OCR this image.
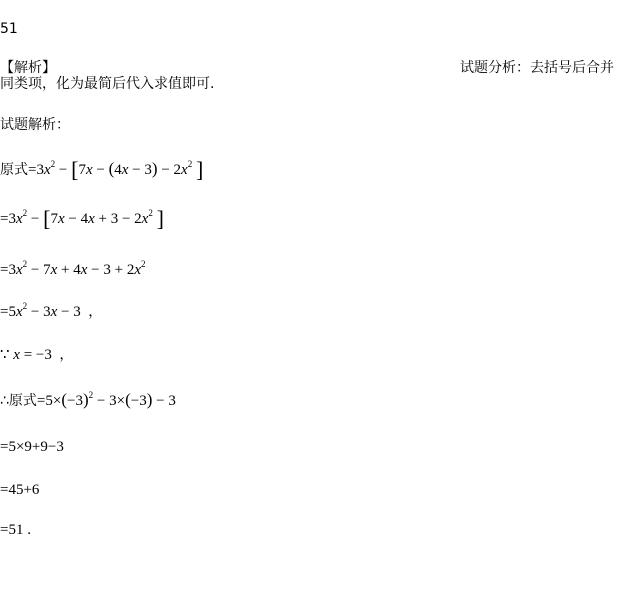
51
【解析】	试题分析：去括号后合并
同类项，化为最简后代入求值即可.
试题解析：
原式$=3x^2 - [7x - (4x - 3) - 2x^2$ ]
$=3x^2 - [7x - 4x + 3 - 2x^2$ ]
$=3x^2 - 7x + 4x - 3 + 2x^2$
$=5x^2 - 3x - 3$  ，
∵ x = −3  ，
∴原式$=5\times(-3)^2 - 3\times(-3) - 3$
=5×9+9−3
=45+6
=51 .
